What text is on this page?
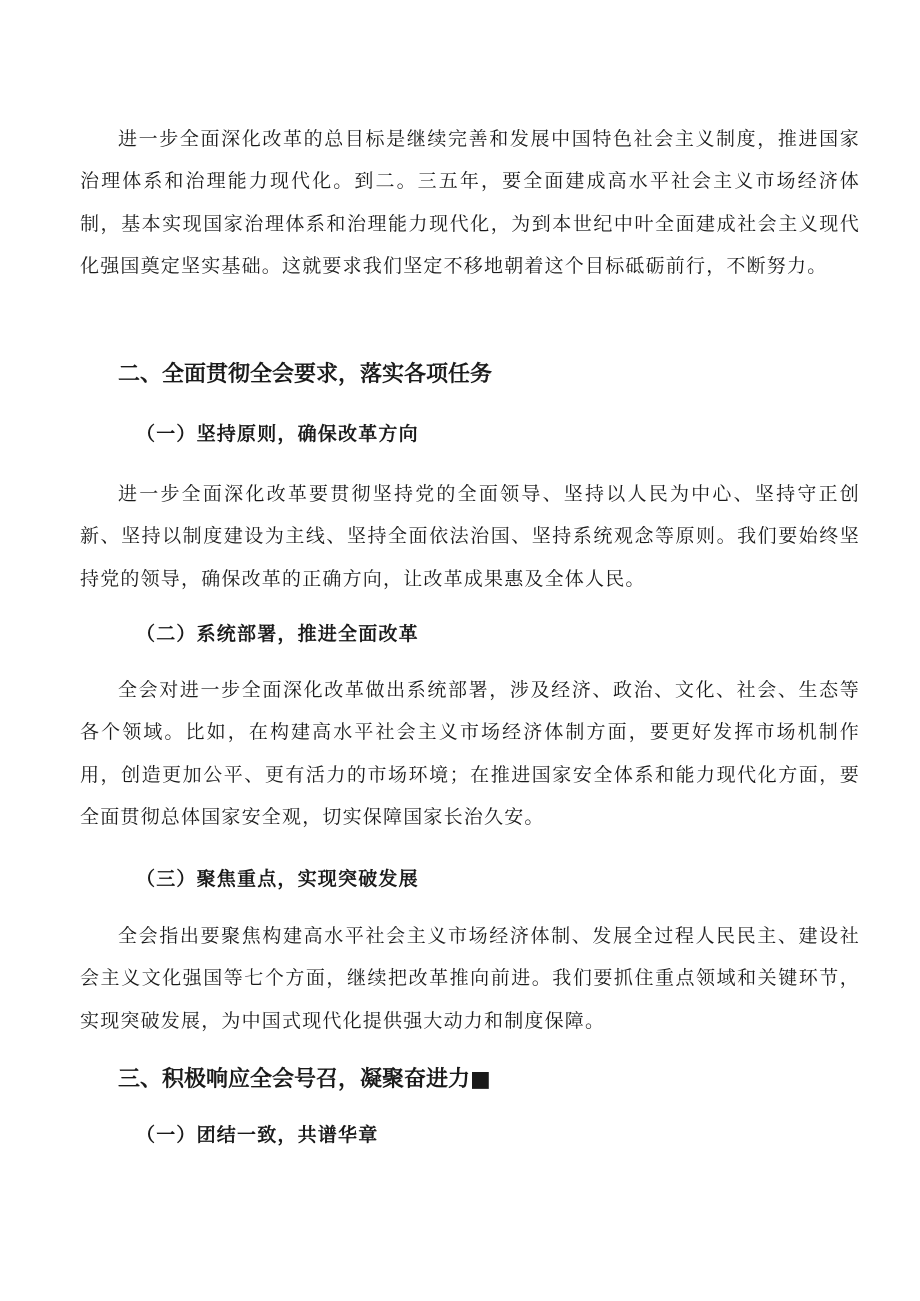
进一步全面深化改革的总目标是继续完善和发展中国特色社会主义制度，推进国家治理体系和治理能力现代化。到二。三五年，要全面建成高水平社会主义市场经济体制，基本实现国家治理体系和治理能力现代化，为到本世纪中叶全面建成社会主义现代化强国奠定坚实基础。这就要求我们坚定不移地朝着这个目标砥砺前行，不断努力。

二、全面贯彻全会要求，落实各项任务
（一）坚持原则，确保改革方向

进一步全面深化改革要贯彻坚持党的全面领导、坚持以人民为中心、坚持守正创新、坚持以制度建设为主线、坚持全面依法治国、坚持系统观念等原则。我们要始终坚持党的领导，确保改革的正确方向，让改革成果惠及全体人民。

（二）系统部署，推进全面改革

全会对进一步全面深化改革做出系统部署，涉及经济、政治、文化、社会、生态等各个领域。比如，在构建高水平社会主义市场经济体制方面，要更好发挥市场机制作用，创造更加公平、更有活力的市场环境；在推进国家安全体系和能力现代化方面，要全面贯彻总体国家安全观，切实保障国家长治久安。

（三）聚焦重点，实现突破发展

全会指出要聚焦构建高水平社会主义市场经济体制、发展全过程人民民主、建设社会主义文化强国等七个方面，继续把改革推向前进。我们要抓住重点领域和关键环节，实现突破发展，为中国式现代化提供强大动力和制度保障。

三、积极响应全会号召，凝聚奋进力■
（一）团结一致，共谱华章
